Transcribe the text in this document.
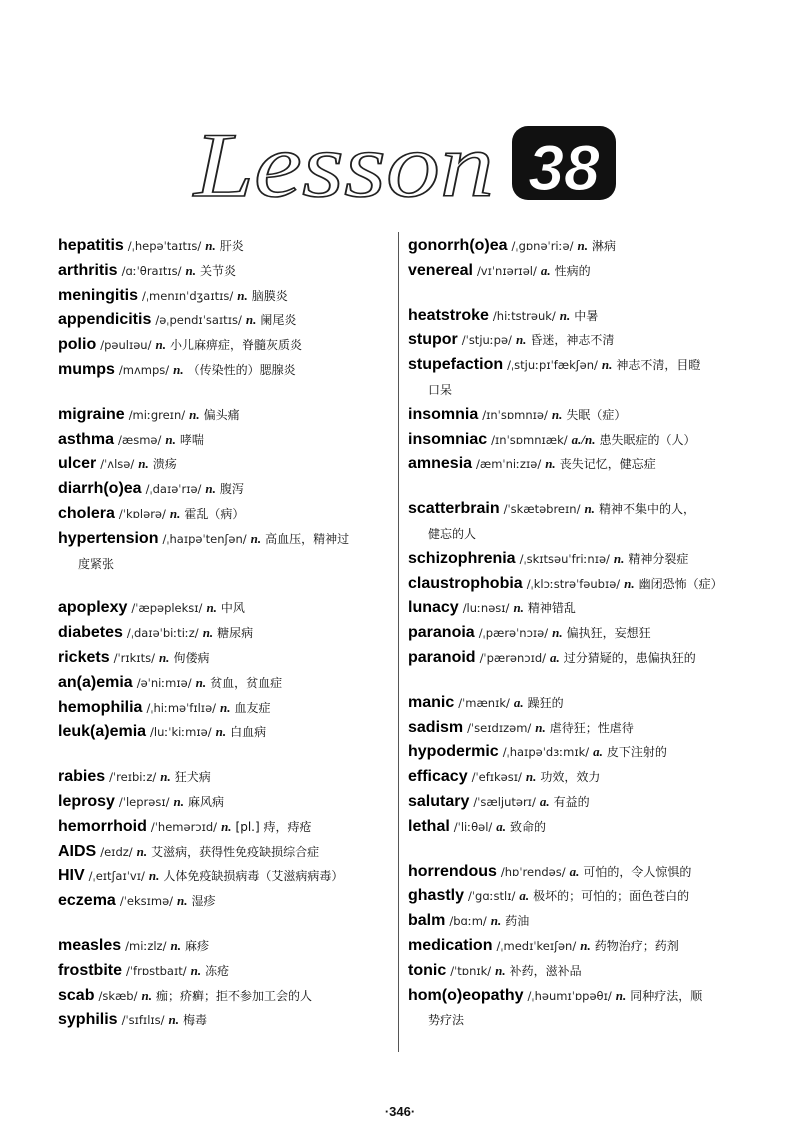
Lesson 38
hepatitis /ˌhepəˈtaɪtɪs/ n. 肝炎
arthritis /ɑːˈθraɪtɪs/ n. 关节炎
meningitis /ˌmenɪnˈdʒaɪtɪs/ n. 脑膜炎
appendicitis /əˌpendɪˈsaɪtɪs/ n. 阑尾炎
polio /pəulɪəu/ n. 小儿麻痹症，脊髓灰质炎
mumps /mʌmps/ n. （传染性的）腮腺炎
migraine /miːgreɪn/ n. 偏头痛
asthma /æsmə/ n. 哮喘
ulcer /ˈʌlsə/ n. 溃疡
diarrh(o)ea /ˌdaɪəˈrɪə/ n. 腹泻
cholera /ˈkɒlərə/ n. 霍乱（病）
hypertension /ˌhaɪpəˈtenʃən/ n. 高血压，精神过
度紧张
apoplexy /ˈæpəpleksɪ/ n. 中风
diabetes /ˌdaɪəˈbiːtiːz/ n. 糖尿病
rickets /ˈrɪkɪts/ n. 佝偻病
an(a)emia /əˈniːmɪə/ n. 贫血，贫血症
hemophilia /ˌhiːməˈfɪlɪə/ n. 血友症
leuk(a)emia /luːˈkiːmɪə/ n. 白血病
rabies /ˈreɪbiːz/ n. 狂犬病
leprosy /ˈleprəsɪ/ n. 麻风病
hemorrhoid /ˈhemərɔɪd/ n. [pl.] 痔，痔疮
AIDS /eɪdz/ n. 艾滋病，获得性免疫缺损综合症
HIV /ˌeɪtʃaɪˈvɪ/ n. 人体免疫缺损病毒（艾滋病病毒）
eczema /ˈeksɪmə/ n. 湿疹
measles /miːzlz/ n. 麻疹
frostbite /ˈfrɒstbaɪt/ n. 冻疮
scab /skæb/ n. 痂；疥癣；拒不参加工会的人
syphilis /ˈsɪfɪlɪs/ n. 梅毒
gonorrh(o)ea /ˌgɒnəˈriːə/ n. 淋病
venereal /vɪˈnɪərɪəl/ a. 性病的
heatstroke /hiːtstrəuk/ n. 中暑
stupor /ˈstjuːpə/ n. 昏迷，神志不清
stupefaction /ˌstjuːpɪˈfækʃən/ n. 神志不清，目瞪
口呆
insomnia /ɪnˈsɒmnɪə/ n. 失眠（症）
insomniac /ɪnˈsɒmnɪæk/ a./n. 患失眠症的（人）
amnesia /æmˈniːzɪə/ n. 丧失记忆，健忘症
scatterbrain /ˈskætəbreɪn/ n. 精神不集中的人，
健忘的人
schizophrenia /ˌskɪtsəuˈfriːnɪə/ n. 精神分裂症
claustrophobia /ˌklɔːstrəˈfəubɪə/ n. 幽闭恐怖（症）
lunacy /luːnəsɪ/ n. 精神错乱
paranoia /ˌpærəˈnɔɪə/ n. 偏执狂，妄想狂
paranoid /ˈpærənɔɪd/ a. 过分猜疑的，患偏执狂的
manic /ˈmænɪk/ a. 躁狂的
sadism /ˈseɪdɪzəm/ n. 虐待狂；性虐待
hypodermic /ˌhaɪpəˈdɜːmɪk/ a. 皮下注射的
efficacy /ˈefɪkəsɪ/ n. 功效，效力
salutary /ˈsæljutərɪ/ a. 有益的
lethal /ˈliːθəl/ a. 致命的
horrendous /hɒˈrendəs/ a. 可怕的，令人惊惧的
ghastly /ˈgɑːstlɪ/ a. 极坏的；可怕的；面色苍白的
balm /bɑːm/ n. 药油
medication /ˌmedɪˈkeɪʃən/ n. 药物治疗；药剂
tonic /ˈtɒnɪk/ n. 补药，滋补品
hom(o)eopathy /ˌhəumɪˈɒpəθɪ/ n. 同种疗法，顺
势疗法
·346·
